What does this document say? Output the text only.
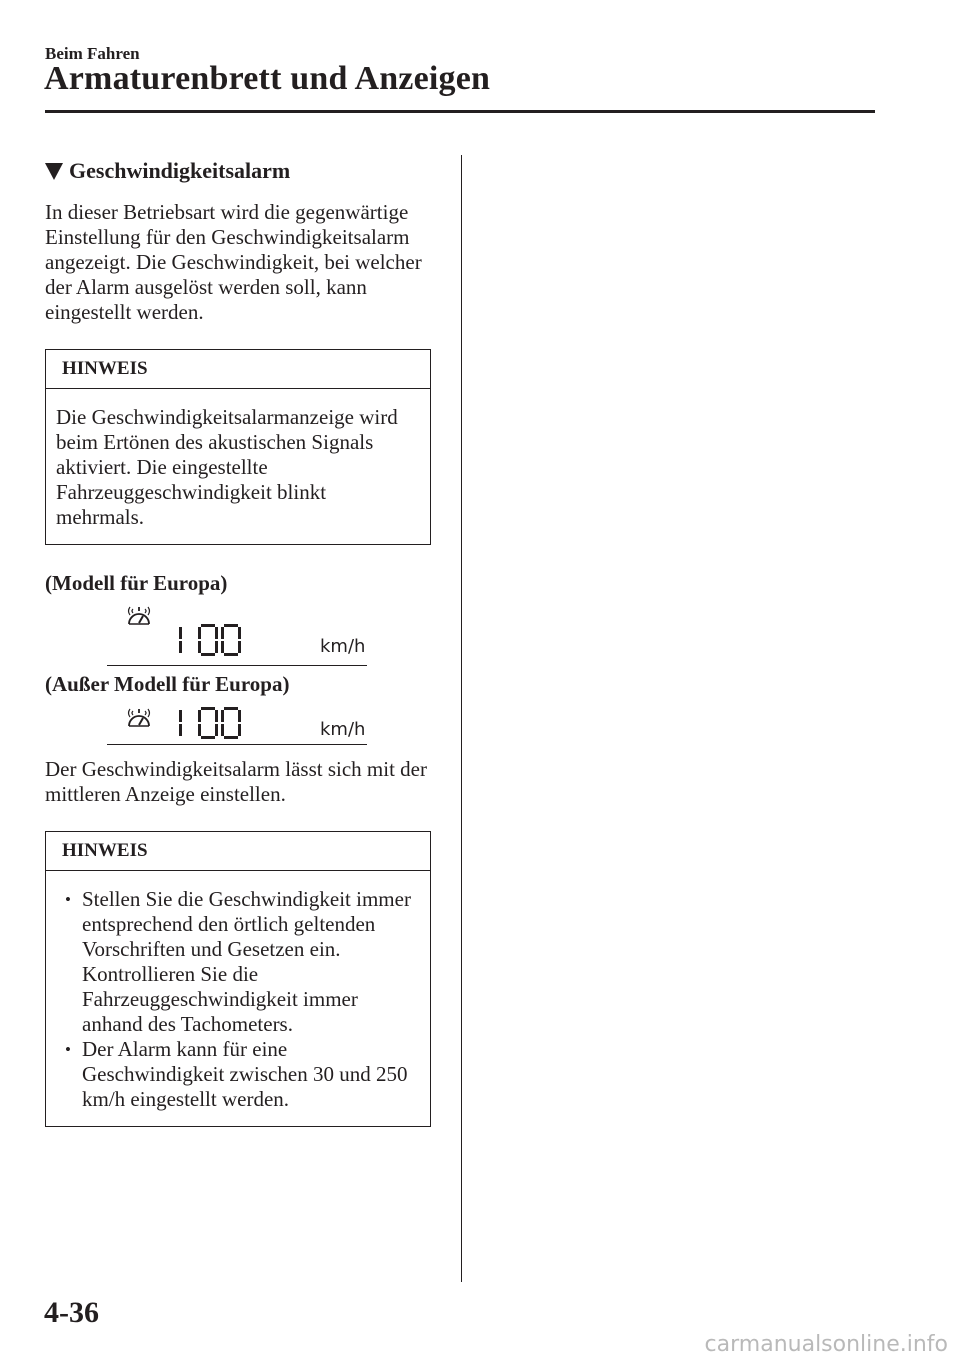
Beim Fahren
Armaturenbrett und Anzeigen
Geschwindigkeitsalarm

In dieser Betriebsart wird die gegenwärtige Einstellung für den Geschwindigkeitsalarm angezeigt. Die Geschwindigkeit, bei welcher der Alarm ausgelöst werden soll, kann eingestellt werden.

HINWEIS
Die Geschwindigkeitsalarmanzeige wird beim Ertönen des akustischen Signals aktiviert. Die eingestellte Fahrzeuggeschwindigkeit blinkt mehrmals.

(Modell für Europa)

km/h

(Außer Modell für Europa)

km/h

Der Geschwindigkeitsalarm lässt sich mit der mittleren Anzeige einstellen.

HINWEIS
• Stellen Sie die Geschwindigkeit immer entsprechend den örtlich geltenden Vorschriften und Gesetzen ein. Kontrollieren Sie die Fahrzeuggeschwindigkeit immer anhand des Tachometers.
• Der Alarm kann für eine Geschwindigkeit zwischen 30 und 250 km/h eingestellt werden.
4-36
carmanualsonline.info
